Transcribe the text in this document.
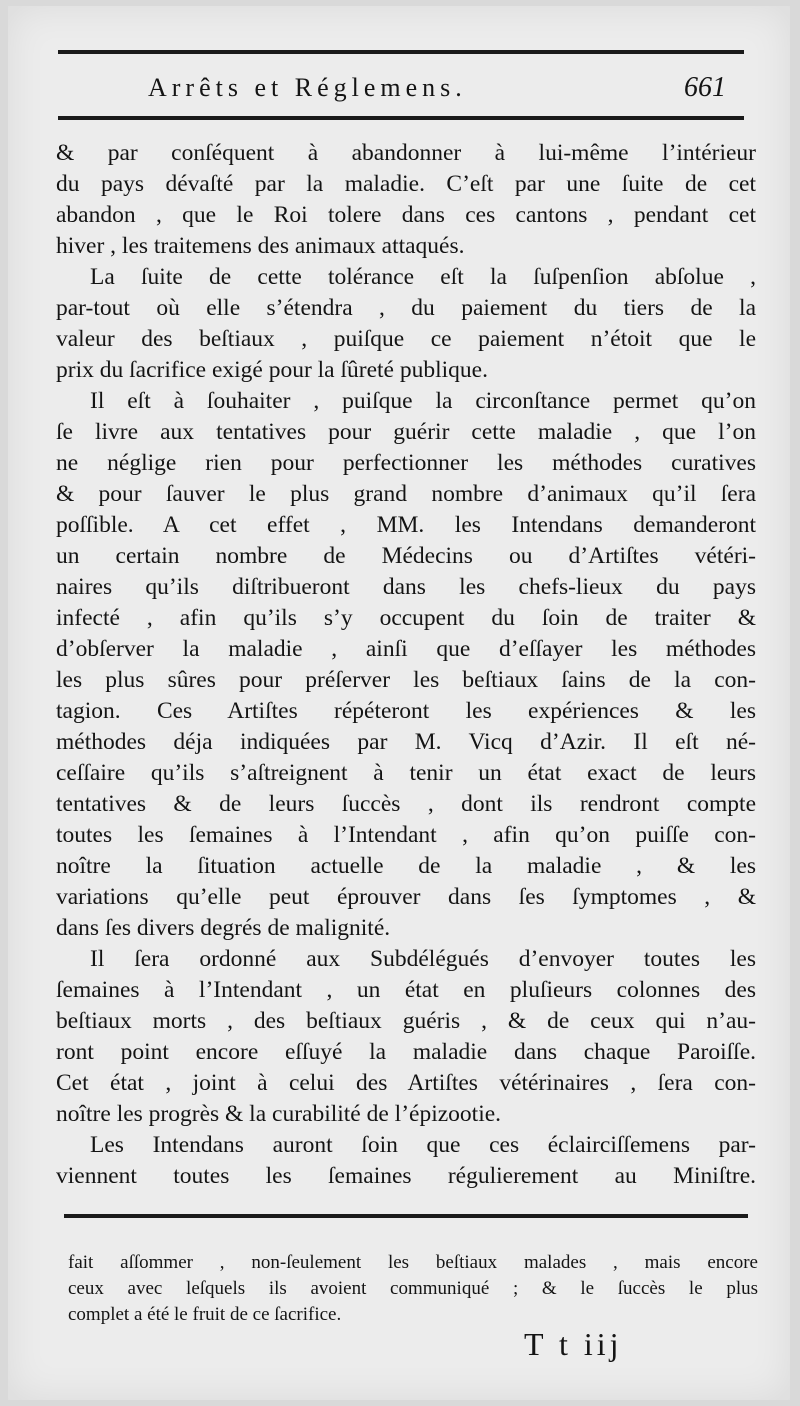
Arrêts et Réglemens.	661
& par conſéquent à abandonner à lui-même l’intérieur
du pays dévaſté par la maladie. C’eſt par une ſuite de cet
abandon , que le Roi tolere dans ces cantons , pendant cet
hiver , les traitemens des animaux attaqués.
La ſuite de cette tolérance eſt la ſuſpenſion abſolue ,
par-tout où elle s’étendra , du paiement du tiers de la
valeur des beſtiaux , puiſque ce paiement n’étoit que le
prix du ſacrifice exigé pour la ſûreté publique.
Il eſt à ſouhaiter , puiſque la circonſtance permet qu’on
ſe livre aux tentatives pour guérir cette maladie , que l’on
ne néglige rien pour perfectionner les méthodes curatives
& pour ſauver le plus grand nombre d’animaux qu’il ſera
poſſible. A cet effet , MM. les Intendans demanderont
un certain nombre de Médecins ou d’Artiſtes vétéri-
naires qu’ils diſtribueront dans les chefs-lieux du pays
infecté , afin qu’ils s’y occupent du ſoin de traiter &
d’obſerver la maladie , ainſi que d’eſſayer les méthodes
les plus sûres pour préſerver les beſtiaux ſains de la con-
tagion. Ces Artiſtes répéteront les expériences & les
méthodes déja indiquées par M. Vicq d’Azir. Il eſt né-
ceſſaire qu’ils s’aſtreignent à tenir un état exact de leurs
tentatives & de leurs ſuccès , dont ils rendront compte
toutes les ſemaines à l’Intendant , afin qu’on puiſſe con-
noître la ſituation actuelle de la maladie , & les
variations qu’elle peut éprouver dans ſes ſymptomes , &
dans ſes divers degrés de malignité.
Il ſera ordonné aux Subdélégués d’envoyer toutes les
ſemaines à l’Intendant , un état en pluſieurs colonnes des
beſtiaux morts , des beſtiaux guéris , & de ceux qui n’au-
ront point encore eſſuyé la maladie dans chaque Paroiſſe.
Cet état , joint à celui des Artiſtes vétérinaires , ſera con-
noître les progrès & la curabilité de l’épizootie.
Les Intendans auront ſoin que ces éclairciſſemens par-
viennent toutes les ſemaines régulierement au Miniſtre.
fait aſſommer , non-ſeulement les beſtiaux malades , mais encore
ceux avec leſquels ils avoient communiqué ; & le ſuccès le plus
complet a été le fruit de ce ſacrifice.
T t iij
